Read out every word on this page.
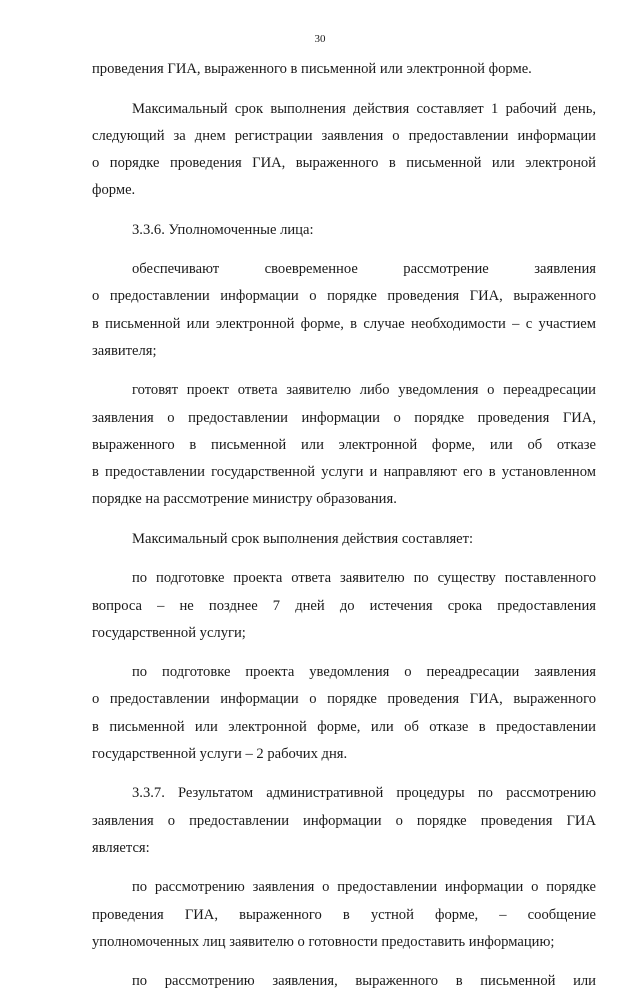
30
проведения ГИА, выраженного в письменной или электронной форме.
Максимальный срок выполнения действия составляет 1 рабочий день,
следующий за днем регистрации заявления о предоставлении информации
о порядке проведения ГИА, выраженного в письменной или электроной
форме.
3.3.6. Уполномоченные лица:
обеспечивают своевременное рассмотрение заявления
о предоставлении информации о порядке проведения ГИА, выраженного
в письменной или электронной форме, в случае необходимости – с участием
заявителя;
готовят проект ответа заявителю либо уведомления о переадресации
заявления о предоставлении информации о порядке проведения ГИА,
выраженного в письменной или электронной форме, или об отказе
в предоставлении государственной услуги и направляют его в установленном
порядке на рассмотрение министру образования.
Максимальный срок выполнения действия составляет:
по подготовке проекта ответа заявителю по существу поставленного
вопроса – не позднее 7 дней до истечения срока предоставления
государственной услуги;
по подготовке проекта уведомления о переадресации заявления
о предоставлении информации о порядке проведения ГИА, выраженного
в письменной или электронной форме, или об отказе в предоставлении
государственной услуги – 2 рабочих дня.
3.3.7. Результатом административной процедуры по рассмотрению
заявления о предоставлении информации о порядке проведения ГИА
является:
по рассмотрению заявления о предоставлении информации о порядке
проведения ГИА, выраженного в устной форме, – сообщение
уполномоченных лиц заявителю о готовности предоставить информацию;
по рассмотрению заявления, выраженного в письменной или
